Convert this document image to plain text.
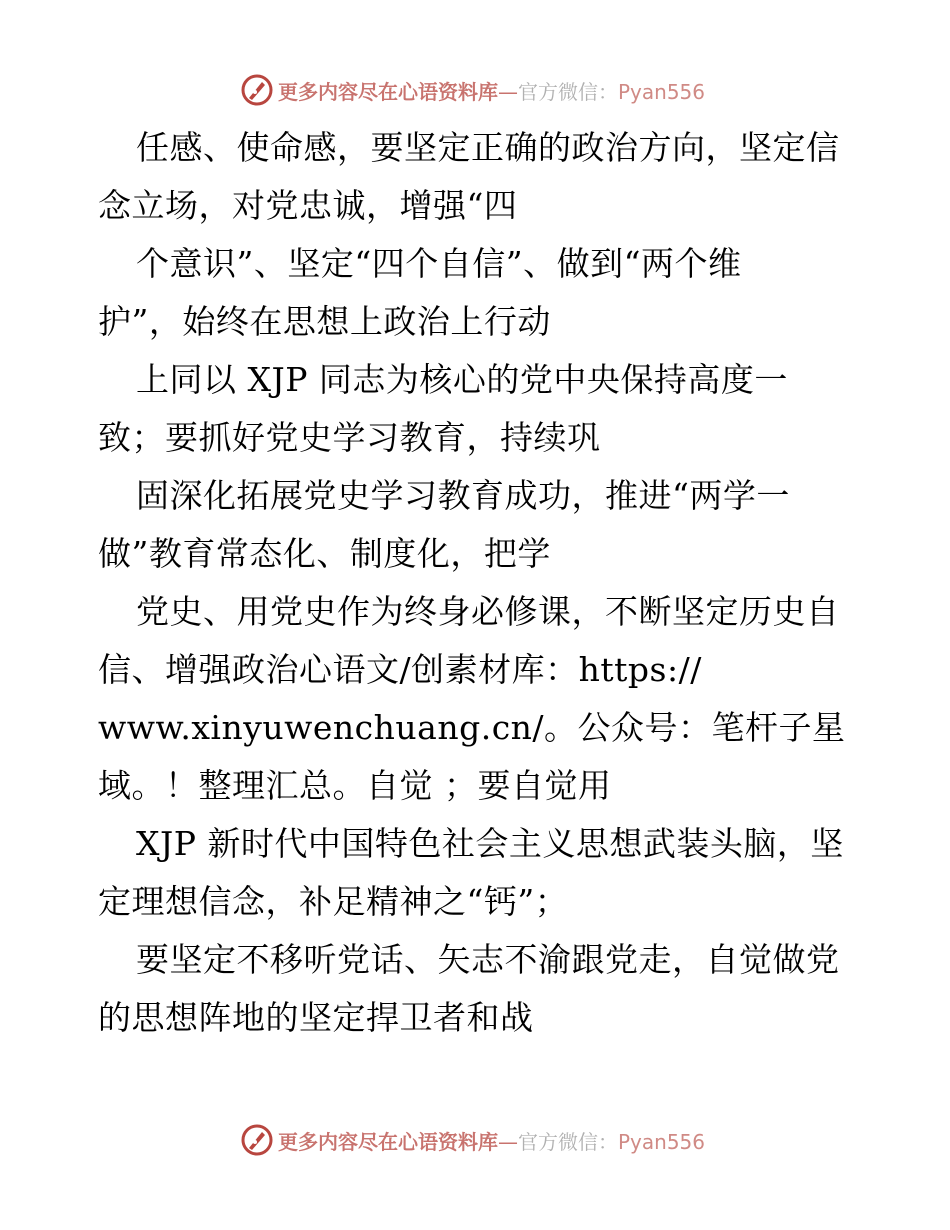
更多内容尽在心语资料库—官方微信：Pyan556
任感、使命感，要坚定正确的政治方向，坚定信
念立场，对党忠诚，增强“四
个意识”、坚定“四个自信”、做到“两个维
护”，始终在思想上政治上行动
上同以 XJP 同志为核心的党中央保持高度一
致；要抓好党史学习教育，持续巩
固深化拓展党史学习教育成功，推进“两学一
做”教育常态化、制度化，把学
党史、用党史作为终身必修课，不断坚定历史自
信、增强政治心语文/创素材库：https://
www.xinyuwenchuang.cn/。公众号：笔杆子星
域。！整理汇总。自觉 ；要自觉用
XJP 新时代中国特色社会主义思想武装头脑，坚
定理想信念，补足精神之“钙”；
要坚定不移听党话、矢志不渝跟党走，自觉做党
的思想阵地的坚定捍卫者和战
更多内容尽在心语资料库—官方微信：Pyan556
